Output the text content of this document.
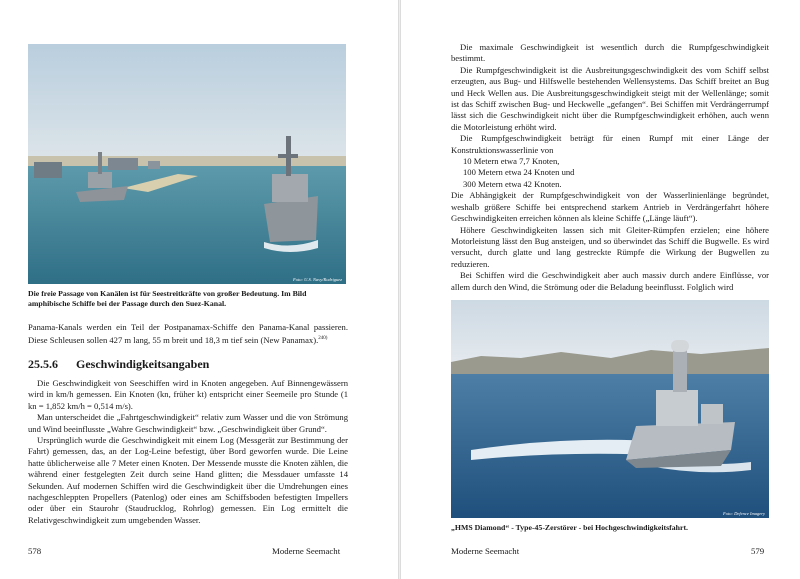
Foto: U.S. Navy/Rodriguez

Die freie Passage von Kanälen ist für Seestreitkräfte von großer Bedeutung. Im Bild amphibische Schiffe bei der Passage durch den Suez-Kanal.

Panama-Kanals werden ein Teil der Postpanamax-Schiffe den Panama-Kanal passieren. Diese Schleusen sollen 427 m lang, 55 m breit und 18,3 m tief sein (New Panamax).$^{240)}$

25.5.6 Geschwindigkeitsangaben

Die Geschwindigkeit von Seeschiffen wird in Knoten angegeben. Auf Binnengewässern wird in km/h gemessen. Ein Knoten (kn, früher kt) entspricht einer Seemeile pro Stunde (1 kn = 1,852 km/h = 0,514 m/s).

Man unterscheidet die „Fahrtgeschwindigkeit“ relativ zum Wasser und die von Strömung und Wind beeinflusste „Wahre Geschwindigkeit“ bzw. „Geschwindigkeit über Grund“.

Ursprünglich wurde die Geschwindigkeit mit einem Log (Messgerät zur Bestimmung der Fahrt) gemessen, das, an der Log-Leine befestigt, über Bord geworfen wurde. Die Leine hatte üblicherweise alle 7 Meter einen Knoten. Der Messende musste die Knoten zählen, die während einer festgelegten Zeit durch seine Hand glitten; die Messdauer umfasste 14 Sekunden. Auf modernen Schiffen wird die Geschwindigkeit über die Umdrehungen eines nachgeschleppten Propellers (Patenlog) oder eines am Schiffsboden befestigten Impellers oder über ein Staurohr (Staudrucklog, Rohrlog) gemessen. Ein Log ermittelt die Relativgeschwindigkeit zum umgebenden Wasser.

578	Moderne Seemacht

Die maximale Geschwindigkeit ist wesentlich durch die Rumpfgeschwindigkeit bestimmt.

Die Rumpfgeschwindigkeit ist die Ausbreitungsgeschwindigkeit des vom Schiff selbst erzeugten, aus Bug- und Hilfswelle bestehenden Wellensystems. Das Schiff breitet an Bug und Heck Wellen aus. Die Ausbreitungsgeschwindigkeit steigt mit der Wellenlänge; somit ist das Schiff zwischen Bug- und Heckwelle „gefangen“. Bei Schiffen mit Verdrängerrumpf lässt sich die Geschwindigkeit nicht über die Rumpfgeschwindigkeit erhöhen, auch wenn die Motorleistung erhöht wird.

Die Rumpfgeschwindigkeit beträgt für einen Rumpf mit einer Länge der Konstruktionswasserlinie von

10 Metern etwa 7,7 Knoten,
100 Metern etwa 24 Knoten und
300 Metern etwa 42 Knoten.

Die Abhängigkeit der Rumpfgeschwindigkeit von der Wasserlinienlänge begründet, weshalb größere Schiffe bei entsprechend starkem Antrieb in Verdrängerfahrt höhere Geschwindigkeiten erreichen können als kleine Schiffe („Länge läuft“).

Höhere Geschwindigkeiten lassen sich mit Gleiter-Rümpfen erzielen; eine höhere Motorleistung lässt den Bug ansteigen, und so überwindet das Schiff die Bugwelle. Es wird versucht, durch glatte und lang gestreckte Rümpfe die Wirkung der Bugwellen zu reduzieren.

Bei Schiffen wird die Geschwindigkeit aber auch massiv durch andere Einflüsse, vor allem durch den Wind, die Strömung oder die Beladung beeinflusst. Folglich wird

Foto: Defence Imagery

„HMS Diamond“ - Type-45-Zerstörer - bei Hochgeschwindigkeitsfahrt.

Moderne Seemacht	579
